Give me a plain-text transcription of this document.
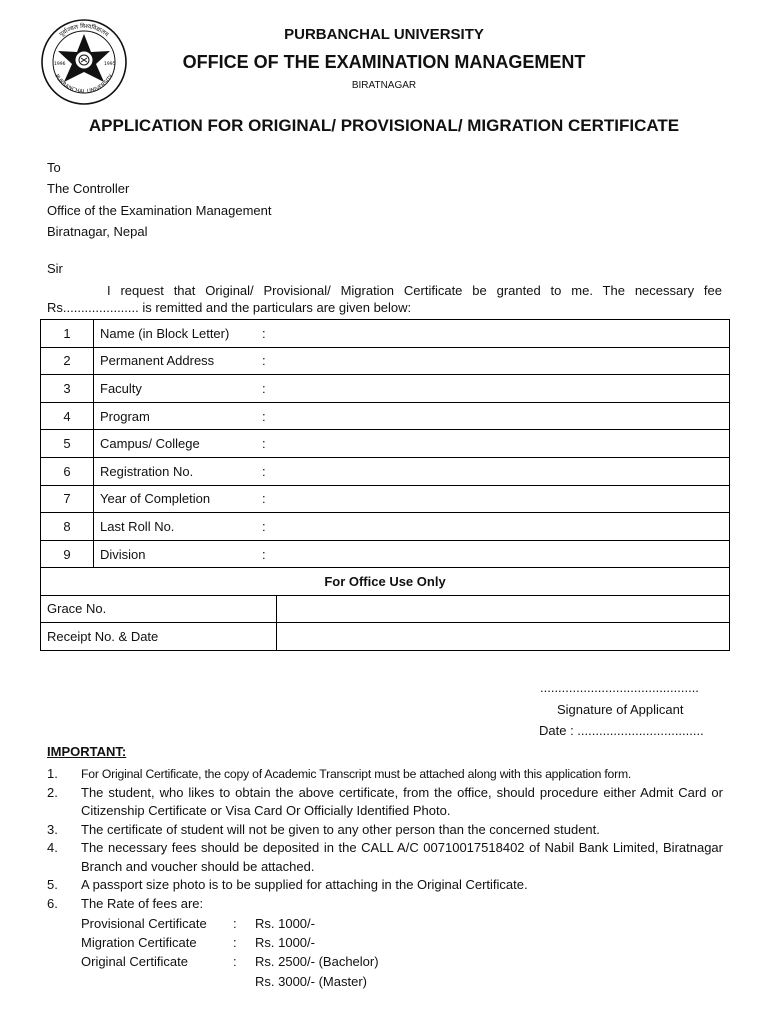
पूर्वाञ्चल विश्वविद्यालय
PURBANCHAL UNIVERSITY
1996	1995
PURBANCHAL UNIVERSITY
OFFICE OF THE EXAMINATION MANAGEMENT
BIRATNAGAR
APPLICATION FOR ORIGINAL/ PROVISIONAL/ MIGRATION CERTIFICATE
To
The Controller
Office of the Examination Management
Biratnagar, Nepal
Sir
I request that Original/ Provisional/ Migration Certificate be granted to me. The necessary fee
Rs..................... is remitted and the particulars are given below:
1	Name (in Block Letter) :
2	Permanent Address :
3	Faculty :
4	Program :
5	Campus/ College :
6	Registration No. :
7	Year of Completion :
8	Last Roll No. :
9	Division :
For Office Use Only	
Grace No.	
Receipt No. & Date	
............................................
Signature of Applicant
Date : ...................................
IMPORTANT:
1.	For Original Certificate, the copy of Academic Transcript must be attached along with this application form.
2.	The student, who likes to obtain the above certificate, from the office, should procedure either Admit Card or Citizenship Certificate or Visa Card Or Officially Identified Photo.
3.	The certificate of student will not be given to any other person than the concerned student.
4.	The necessary fees should be deposited in the CALL A/C 00710017518402 of Nabil Bank Limited, Biratnagar Branch and voucher should be attached.
5.	A passport size photo is to be supplied for attaching in the Original Certificate.
6.	The Rate of fees are:
Provisional Certificate : Rs. 1000/-
Migration Certificate	: Rs. 1000/-
Original Certificate	: Rs. 2500/- (Bachelor)
Rs. 3000/- (Master)
